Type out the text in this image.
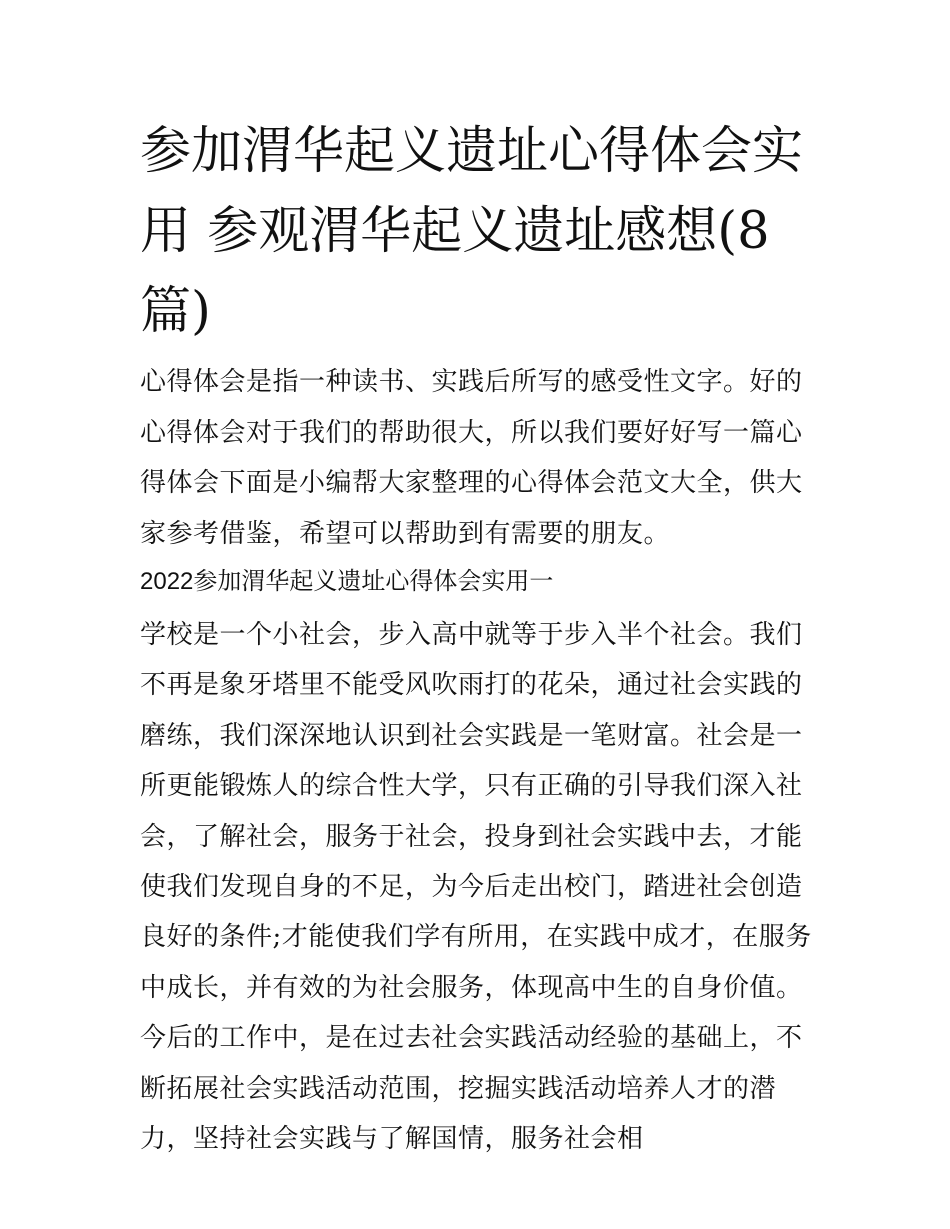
参加渭华起义遗址心得体会实用 参观渭华起义遗址感想(8篇)

心得体会是指一种读书、实践后所写的感受性文字。好的心得体会对于我们的帮助很大，所以我们要好好写一篇心得体会下面是小编帮大家整理的心得体会范文大全，供大家参考借鉴，希望可以帮助到有需要的朋友。

2022参加渭华起义遗址心得体会实用一

学校是一个小社会，步入高中就等于步入半个社会。我们不再是象牙塔里不能受风吹雨打的花朵，通过社会实践的磨练，我们深深地认识到社会实践是一笔财富。社会是一所更能锻炼人的综合性大学，只有正确的引导我们深入社会，了解社会，服务于社会，投身到社会实践中去，才能使我们发现自身的不足，为今后走出校门，踏进社会创造良好的条件;才能使我们学有所用，在实践中成才，在服务中成长，并有效的为社会服务，体现高中生的自身价值。今后的工作中，是在过去社会实践活动经验的基础上，不断拓展社会实践活动范围，挖掘实践活动培养人才的潜力，坚持社会实践与了解国情，服务社会相
